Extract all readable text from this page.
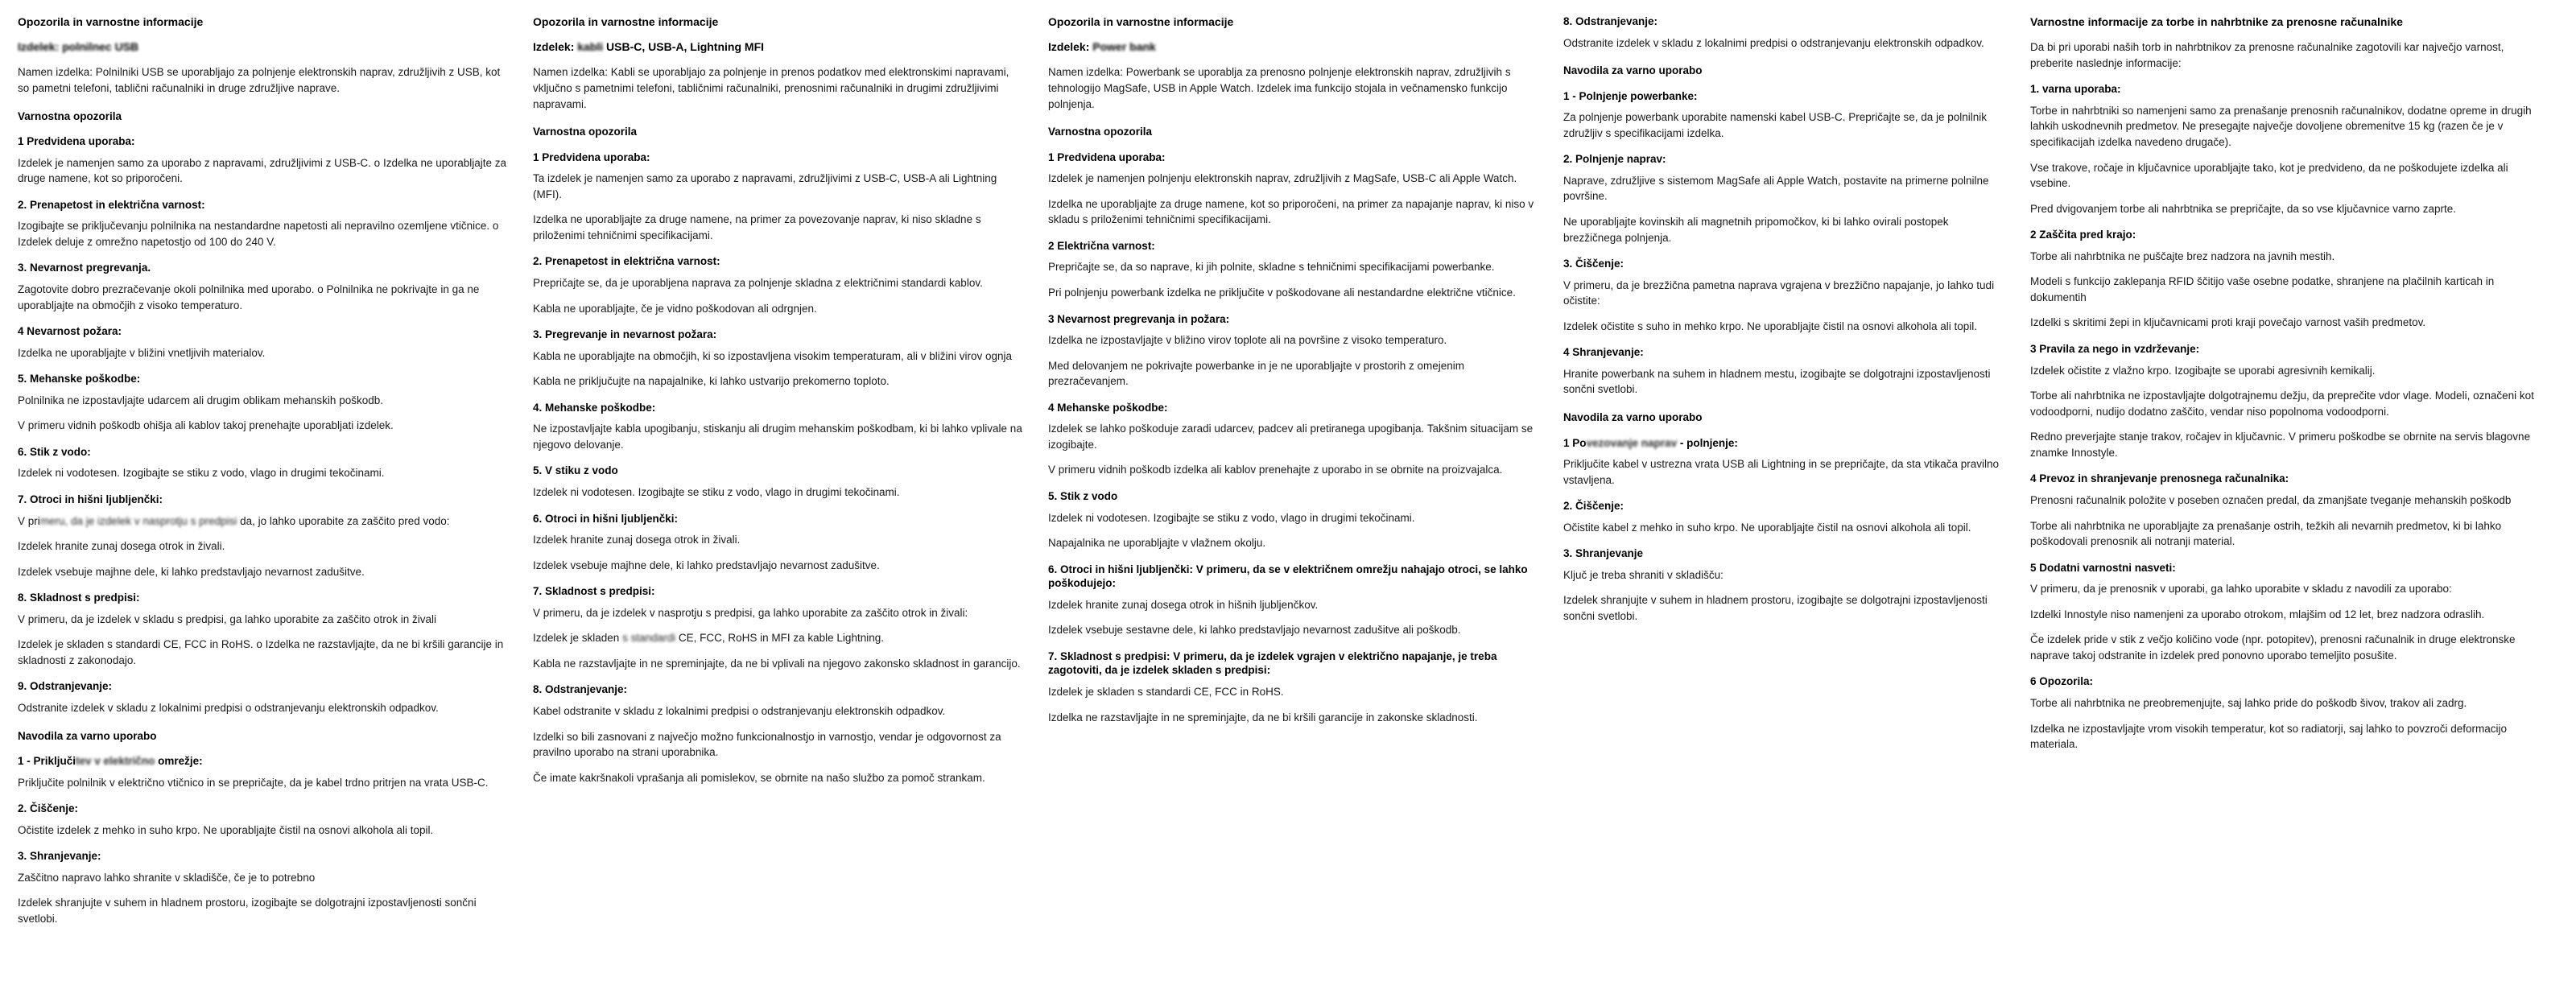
Opozorila in varnostne informacije
Izdelek: polnilnec USB

Namen izdelka: Polnilniki USB se uporabljajo za polnjenje elektronskih naprav, združljivih z USB, kot so pametni telefoni, tablični računalniki in druge združljive naprave.

Varnostna opozorila
1 Predvidena uporaba:

Izdelek je namenjen samo za uporabo z napravami, združljivimi z USB-C. o Izdelka ne uporabljajte za druge namene, kot so priporočeni.

2. Prenapetost in električna varnost:

Izogibajte se priključevanju polnilnika na nestandardne napetosti ali nepravilno ozemljene vtičnice. o Izdelek deluje z omrežno napetostjo od 100 do 240 V.

3. Nevarnost pregrevanja.

Zagotovite dobro prezračevanje okoli polnilnika med uporabo. o Polnilnika ne pokrivajte in ga ne uporabljajte na območjih z visoko temperaturo.

4 Nevarnost požara:

Izdelka ne uporabljajte v bližini vnetljivih materialov.

5. Mehanske poškodbe:

Polnilnika ne izpostavljajte udarcem ali drugim oblikam mehanskih poškodb.

V primeru vidnih poškodb ohišja ali kablov takoj prenehajte uporabljati izdelek.

6. Stik z vodo:

Izdelek ni vodotesen. Izogibajte se stiku z vodo, vlago in drugimi tekočinami.

7. Otroci in hišni ljubljenčki:

V primeru, da je izdelek v nasprotju s predpisi da, jo lahko uporabite za zaščito pred vodo:

Izdelek hranite zunaj dosega otrok in živali.

Izdelek vsebuje majhne dele, ki lahko predstavljajo nevarnost zadušitve.

8. Skladnost s predpisi:

V primeru, da je izdelek v skladu s predpisi, ga lahko uporabite za zaščito otrok in živali

Izdelek je skladen s standardi CE, FCC in RoHS. o Izdelka ne razstavljajte, da ne bi kršili garancije in skladnosti z zakonodajo.

9. Odstranjevanje:

Odstranite izdelek v skladu z lokalnimi predpisi o odstranjevanju elektronskih odpadkov.

Navodila za varno uporabo
1 - Priključitev v električno omrežje:

Priključite polnilnik v električno vtičnico in se prepričajte, da je kabel trdno pritrjen na vrata USB-C.

2. Čiščenje:

Očistite izdelek z mehko in suho krpo. Ne uporabljajte čistil na osnovi alkohola ali topil.

3. Shranjevanje:

Zaščitno napravo lahko shranite v skladišče, če je to potrebno

Izdelek shranjujte v suhem in hladnem prostoru, izogibajte se dolgotrajni izpostavljenosti sončni svetlobi.

Opozorila in varnostne informacije
Izdelek: kabli USB-C, USB-A, Lightning MFI

Namen izdelka: Kabli se uporabljajo za polnjenje in prenos podatkov med elektronskimi napravami, vključno s pametnimi telefoni, tabličnimi računalniki, prenosnimi računalniki in drugimi združljivimi napravami.

Varnostna opozorila
1 Predvidena uporaba:

Ta izdelek je namenjen samo za uporabo z napravami, združljivimi z USB-C, USB-A ali Lightning (MFI).

Izdelka ne uporabljajte za druge namene, na primer za povezovanje naprav, ki niso skladne s priloženimi tehničnimi specifikacijami.

2. Prenapetost in električna varnost:

Prepričajte se, da je uporabljena naprava za polnjenje skladna z električnimi standardi kablov.

Kabla ne uporabljajte, če je vidno poškodovan ali odrgnjen.

3. Pregrevanje in nevarnost požara:

Kabla ne uporabljajte na območjih, ki so izpostavljena visokim temperaturam, ali v bližini virov ognja

Kabla ne priključujte na napajalnike, ki lahko ustvarijo prekomerno toploto.

4. Mehanske poškodbe:

Ne izpostavljajte kabla upogibanju, stiskanju ali drugim mehanskim poškodbam, ki bi lahko vplivale na njegovo delovanje.

5. V stiku z vodo

Izdelek ni vodotesen. Izogibajte se stiku z vodo, vlago in drugimi tekočinami.

6. Otroci in hišni ljubljenčki:

Izdelek hranite zunaj dosega otrok in živali.

Izdelek vsebuje majhne dele, ki lahko predstavljajo nevarnost zadušitve.

7. Skladnost s predpisi:

V primeru, da je izdelek v nasprotju s predpisi, ga lahko uporabite za zaščito otrok in živali:

Izdelek je skladen s standardi CE, FCC, RoHS in MFI za kable Lightning.

Kabla ne razstavljajte in ne spreminjajte, da ne bi vplivali na njegovo zakonsko skladnost in garancijo.

8. Odstranjevanje:

Kabel odstranite v skladu z lokalnimi predpisi o odstranjevanju elektronskih odpadkov.

Izdelki so bili zasnovani z največjo možno funkcionalnostjo in varnostjo, vendar je odgovornost za pravilno uporabo na strani uporabnika.

Če imate kakršnakoli vprašanja ali pomislekov, se obrnite na našo službo za pomoč strankam.

Opozorila in varnostne informacije
Izdelek: Power bank

Namen izdelka: Powerbank se uporablja za prenosno polnjenje elektronskih naprav, združljivih s tehnologijo MagSafe, USB in Apple Watch. Izdelek ima funkcijo stojala in večnamensko funkcijo polnjenja.

Varnostna opozorila
1 Predvidena uporaba:

Izdelek je namenjen polnjenju elektronskih naprav, združljivih z MagSafe, USB-C ali Apple Watch.

Izdelka ne uporabljajte za druge namene, kot so priporočeni, na primer za napajanje naprav, ki niso v skladu s priloženimi tehničnimi specifikacijami.

2 Električna varnost:

Prepričajte se, da so naprave, ki jih polnite, skladne s tehničnimi specifikacijami powerbanke.

Pri polnjenju powerbank izdelka ne priključite v poškodovane ali nestandardne električne vtičnice.

3 Nevarnost pregrevanja in požara:

Izdelka ne izpostavljajte v bližino virov toplote ali na površine z visoko temperaturo.

Med delovanjem ne pokrivajte powerbanke in je ne uporabljajte v prostorih z omejenim prezračevanjem.

4 Mehanske poškodbe:

Izdelek se lahko poškoduje zaradi udarcev, padcev ali pretiranega upogibanja. Takšnim situacijam se izogibajte.

V primeru vidnih poškodb izdelka ali kablov prenehajte z uporabo in se obrnite na proizvajalca.

5. Stik z vodo

Izdelek ni vodotesen. Izogibajte se stiku z vodo, vlago in drugimi tekočinami.

Napajalnika ne uporabljajte v vlažnem okolju.

6. Otroci in hišni ljubljenčki: V primeru, da se v električnem omrežju nahajajo otroci, se lahko poškodujejo:

Izdelek hranite zunaj dosega otrok in hišnih ljubljenčkov.

Izdelek vsebuje sestavne dele, ki lahko predstavljajo nevarnost zadušitve ali poškodb.

7. Skladnost s predpisi: V primeru, da je izdelek vgrajen v električno napajanje, je treba zagotoviti, da je izdelek skladen s predpisi:

Izdelek je skladen s standardi CE, FCC in RoHS.

Izdelka ne razstavljajte in ne spreminjajte, da ne bi kršili garancije in zakonske skladnosti.

8. Odstranjevanje:

Odstranite izdelek v skladu z lokalnimi predpisi o odstranjevanju elektronskih odpadkov.

Navodila za varno uporabo
1 - Polnjenje powerbanke:

Za polnjenje powerbank uporabite namenski kabel USB-C. Prepričajte se, da je polnilnik združljiv s specifikacijami izdelka.

2. Polnjenje naprav:

Naprave, združljive s sistemom MagSafe ali Apple Watch, postavite na primerne polnilne površine.

Ne uporabljajte kovinskih ali magnetnih pripomočkov, ki bi lahko ovirali postopek brezžičnega polnjenja.

3. Čiščenje:

V primeru, da je brezžična pametna naprava vgrajena v brezžično napajanje, jo lahko tudi očistite:

Izdelek očistite s suho in mehko krpo. Ne uporabljajte čistil na osnovi alkohola ali topil.

4 Shranjevanje:

Hranite powerbank na suhem in hladnem mestu, izogibajte se dolgotrajni izpostavljenosti sončni svetlobi.

Navodila za varno uporabo
1 Povezovanje naprav - polnjenje:

Priključite kabel v ustrezna vrata USB ali Lightning in se prepričajte, da sta vtikača pravilno vstavljena.

2. Čiščenje:

Očistite kabel z mehko in suho krpo. Ne uporabljajte čistil na osnovi alkohola ali topil.

3. Shranjevanje

Ključ je treba shraniti v skladišču:

Izdelek shranjujte v suhem in hladnem prostoru, izogibajte se dolgotrajni izpostavljenosti sončni svetlobi.

Varnostne informacije za torbe in nahrbtnike za prenosne računalnike

Da bi pri uporabi naših torb in nahrbtnikov za prenosne računalnike zagotovili kar največjo varnost, preberite naslednje informacije:

1. varna uporaba:

Torbe in nahrbtniki so namenjeni samo za prenašanje prenosnih računalnikov, dodatne opreme in drugih lahkih uskodnevnih predmetov. Ne presegajte največje dovoljene obremenitve 15 kg (razen če je v specifikacijah izdelka navedeno drugače).

Vse trakove, ročaje in ključavnice uporabljajte tako, kot je predvideno, da ne poškodujete izdelka ali vsebine.

Pred dvigovanjem torbe ali nahrbtnika se prepričajte, da so vse ključavnice varno zaprte.

2 Zaščita pred krajo:

Torbe ali nahrbtnika ne puščajte brez nadzora na javnih mestih.

Modeli s funkcijo zaklepanja RFID ščitijo vaše osebne podatke, shranjene na plačilnih karticah in dokumentih

Izdelki s skritimi žepi in ključavnicami proti kraji povečajo varnost vaših predmetov.

3 Pravila za nego in vzdrževanje:

Izdelek očistite z vlažno krpo. Izogibajte se uporabi agresivnih kemikalij.

Torbe ali nahrbtnika ne izpostavljajte dolgotrajnemu dežju, da preprečite vdor vlage. Modeli, označeni kot vodoodporni, nudijo dodatno zaščito, vendar niso popolnoma vodoodporni.

Redno preverjajte stanje trakov, ročajev in ključavnic. V primeru poškodbe se obrnite na servis blagovne znamke Innostyle.

4 Prevoz in shranjevanje prenosnega računalnika:

Prenosni računalnik položite v poseben označen predal, da zmanjšate tveganje mehanskih poškodb

Torbe ali nahrbtnika ne uporabljajte za prenašanje ostrih, težkih ali nevarnih predmetov, ki bi lahko poškodovali prenosnik ali notranji material.

5 Dodatni varnostni nasveti:

V primeru, da je prenosnik v uporabi, ga lahko uporabite v skladu z navodili za uporabo:

Izdelki Innostyle niso namenjeni za uporabo otrokom, mlajšim od 12 let, brez nadzora odraslih.

Če izdelek pride v stik z večjo količino vode (npr. potopitev), prenosni računalnik in druge elektronske naprave takoj odstranite in izdelek pred ponovno uporabo temeljito posušite.

6 Opozorila:

Torbe ali nahrbtnika ne preobremenjujte, saj lahko pride do poškodb šivov, trakov ali zadrg.

Izdelka ne izpostavljajte vrom visokih temperatur, kot so radiatorji, saj lahko to povzroči deformacijo materiala.
